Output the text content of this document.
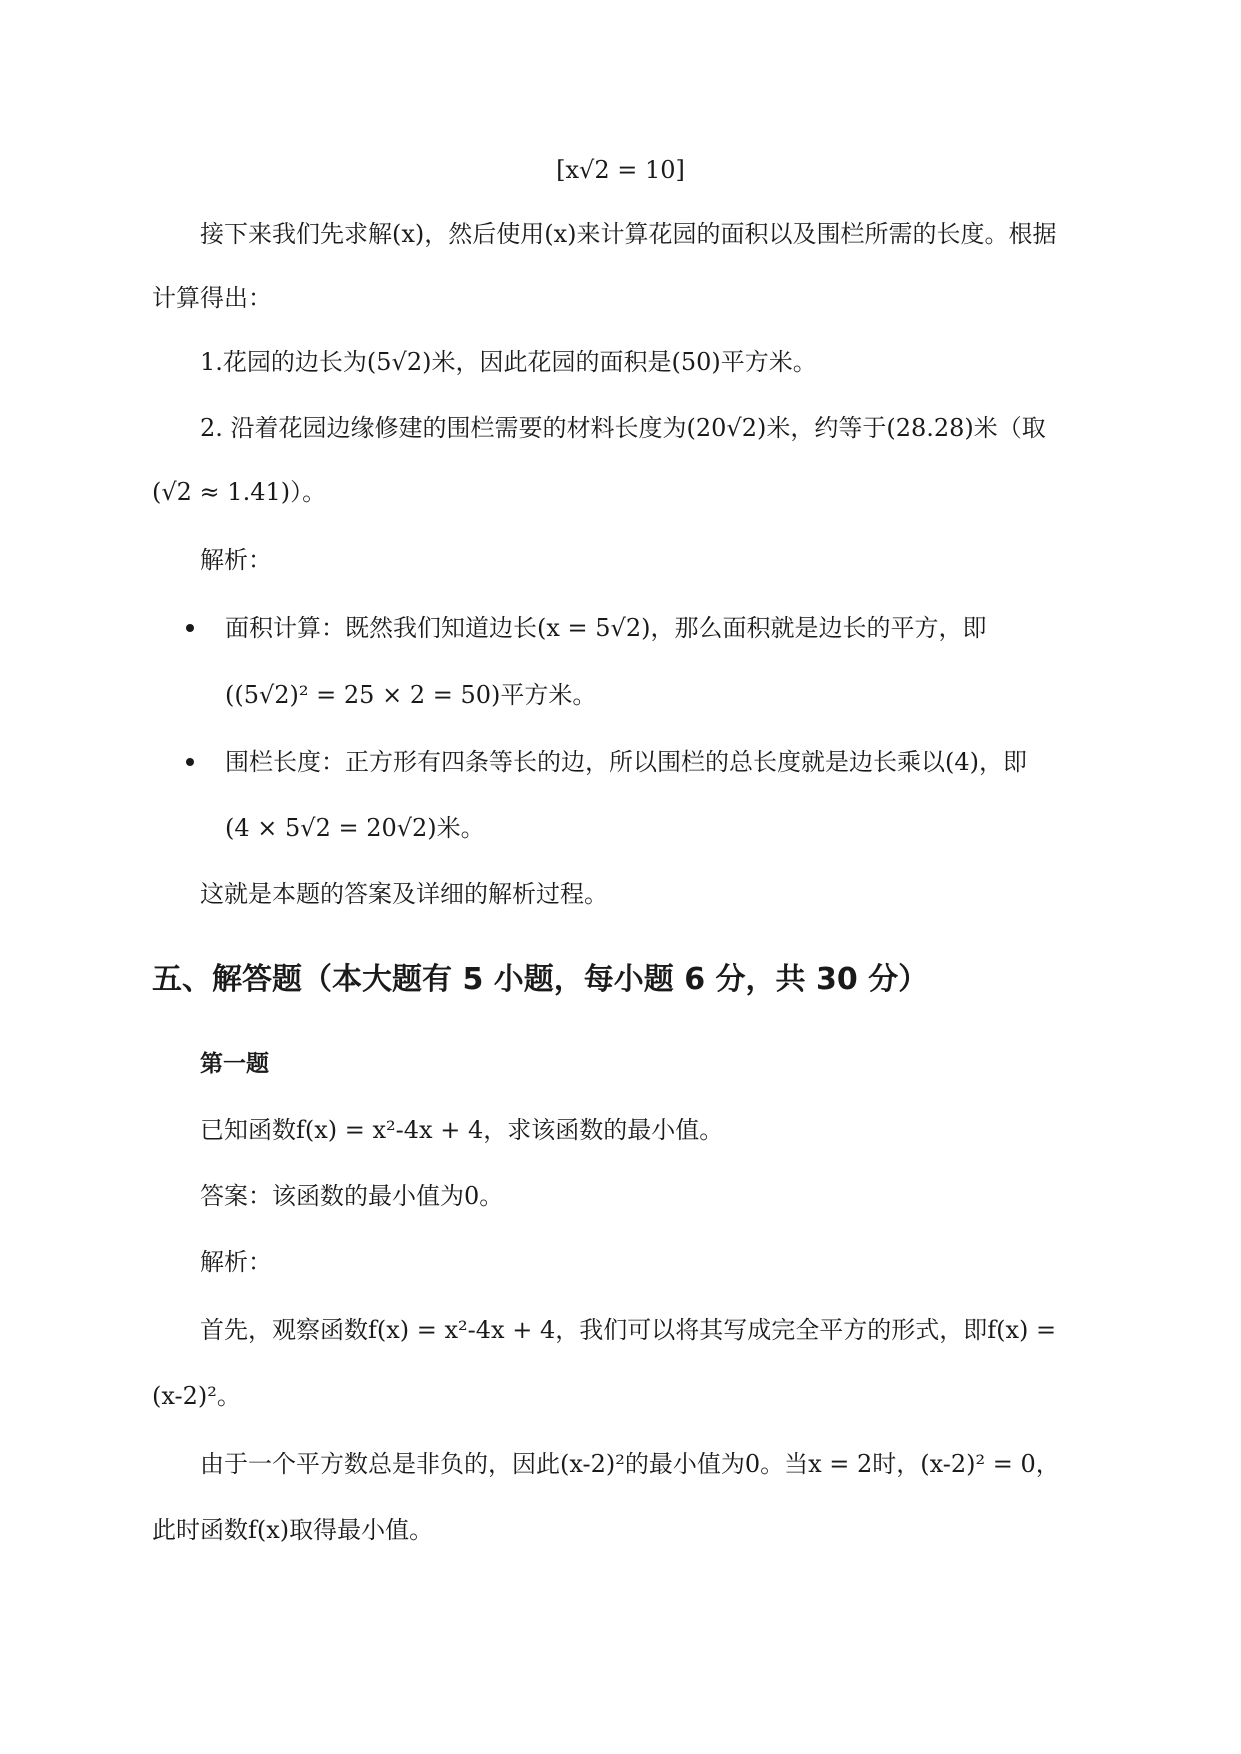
[x√2 = 10]
接下来我们先求解(x)，然后使用(x)来计算花园的面积以及围栏所需的长度。根据
计算得出：
1.花园的边长为(5√2)米，因此花园的面积是(50)平方米。
2. 沿着花园边缘修建的围栏需要的材料长度为(20√2)米，约等于(28.28)米（取
(√2 ≈ 1.41)）。
解析：
面积计算：既然我们知道边长(x = 5√2)，那么面积就是边长的平方，即
((5√2)² = 25 × 2 = 50)平方米。
围栏长度：正方形有四条等长的边，所以围栏的总长度就是边长乘以(4)，即
(4 × 5√2 = 20√2)米。
这就是本题的答案及详细的解析过程。
五、解答题（本大题有 5 小题，每小题 6 分，共 30 分）
第一题
已知函数f(x) = x²-4x + 4，求该函数的最小值。
答案：该函数的最小值为0。
解析：
首先，观察函数f(x) = x²-4x + 4，我们可以将其写成完全平方的形式，即f(x) =
(x-2)²。
由于一个平方数总是非负的，因此(x-2)²的最小值为0。当x = 2时，(x-2)² = 0，
此时函数f(x)取得最小值。
